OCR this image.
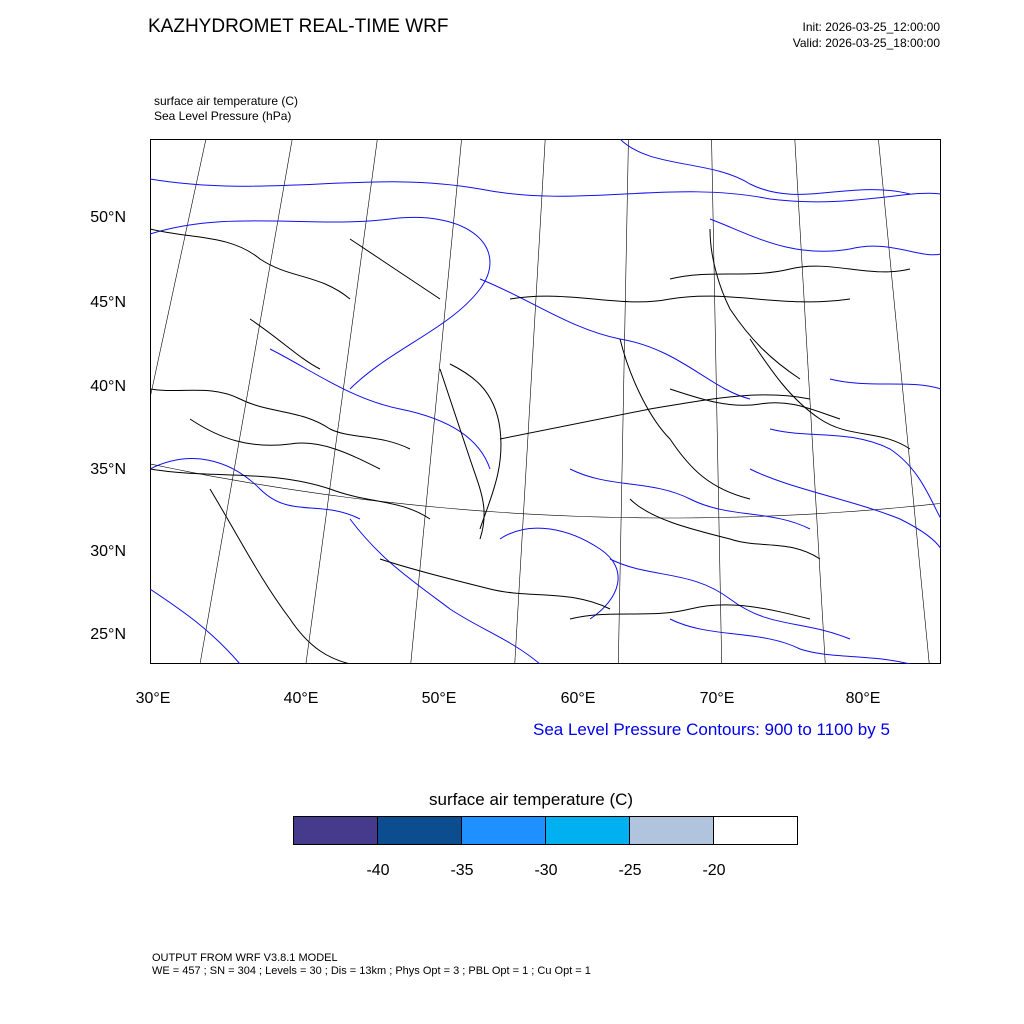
KAZHYDROMET REAL-TIME WRF	Init: 2026-03-25_12:00:00
Valid: 2026-03-25_18:00:00
surface air temperature (C)
Sea Level Pressure (hPa)
50°N
45°N
40°N
35°N
30°N
25°N
30°E	40°E	50°E	60°E	70°E	80°E
Sea Level Pressure Contours: 900 to 1100 by 5
surface air temperature (C)
-40	-35	-30	-25	-20
OUTPUT FROM WRF V3.8.1 MODEL
WE = 457 ; SN = 304 ; Levels = 30 ; Dis = 13km ; Phys Opt = 3 ; PBL Opt = 1 ; Cu Opt = 1
